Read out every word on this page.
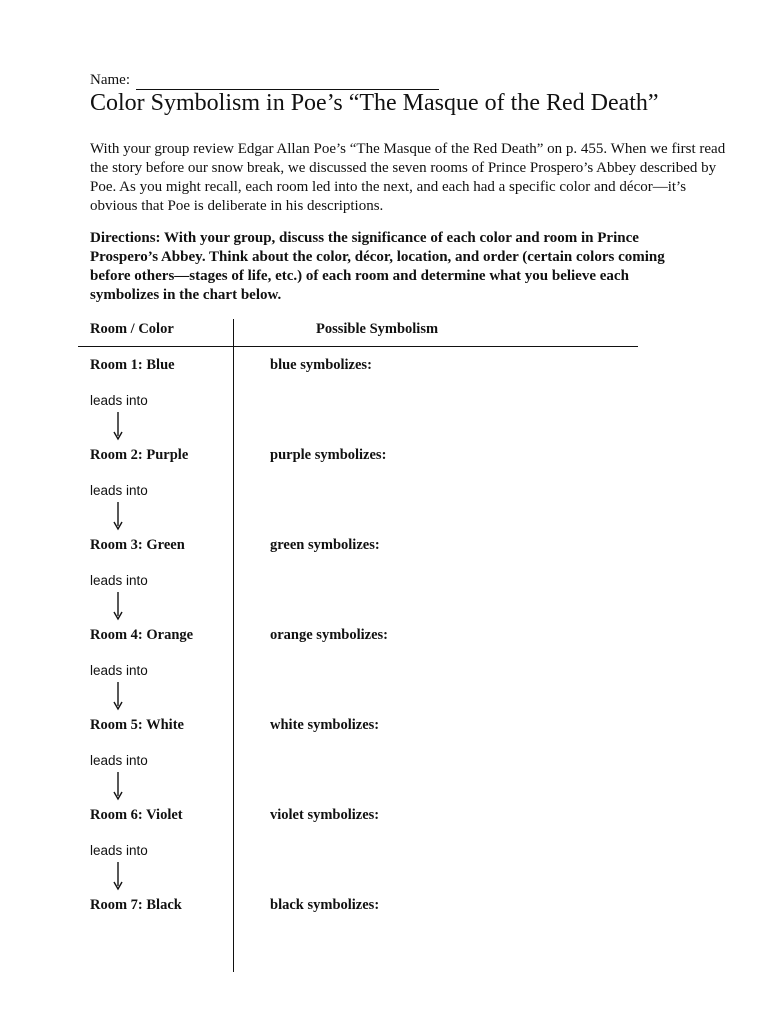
Name:
Color Symbolism in Poe’s “The Masque of the Red Death”
With your group review Edgar Allan Poe’s “The Masque of the Red Death” on p. 455. When we first read the story before our snow break, we discussed the seven rooms of Prince Prospero’s Abbey described by Poe. As you might recall, each room led into the next, and each had a specific color and décor—it’s obvious that Poe is deliberate in his descriptions.
Directions: With your group, discuss the significance of each color and room in Prince Prospero’s Abbey. Think about the color, décor, location, and order (certain colors coming before others—stages of life, etc.) of each room and determine what you believe each symbolizes in the chart below.
Room / Color	Possible Symbolism
Room 1: Blue	blue symbolizes:
leads into
Room 2: Purple	purple symbolizes:
leads into
Room 3: Green	green symbolizes:
leads into
Room 4: Orange	orange symbolizes:
leads into
Room 5: White	white symbolizes:
leads into
Room 6: Violet	violet symbolizes:
leads into
Room 7: Black	black symbolizes:
